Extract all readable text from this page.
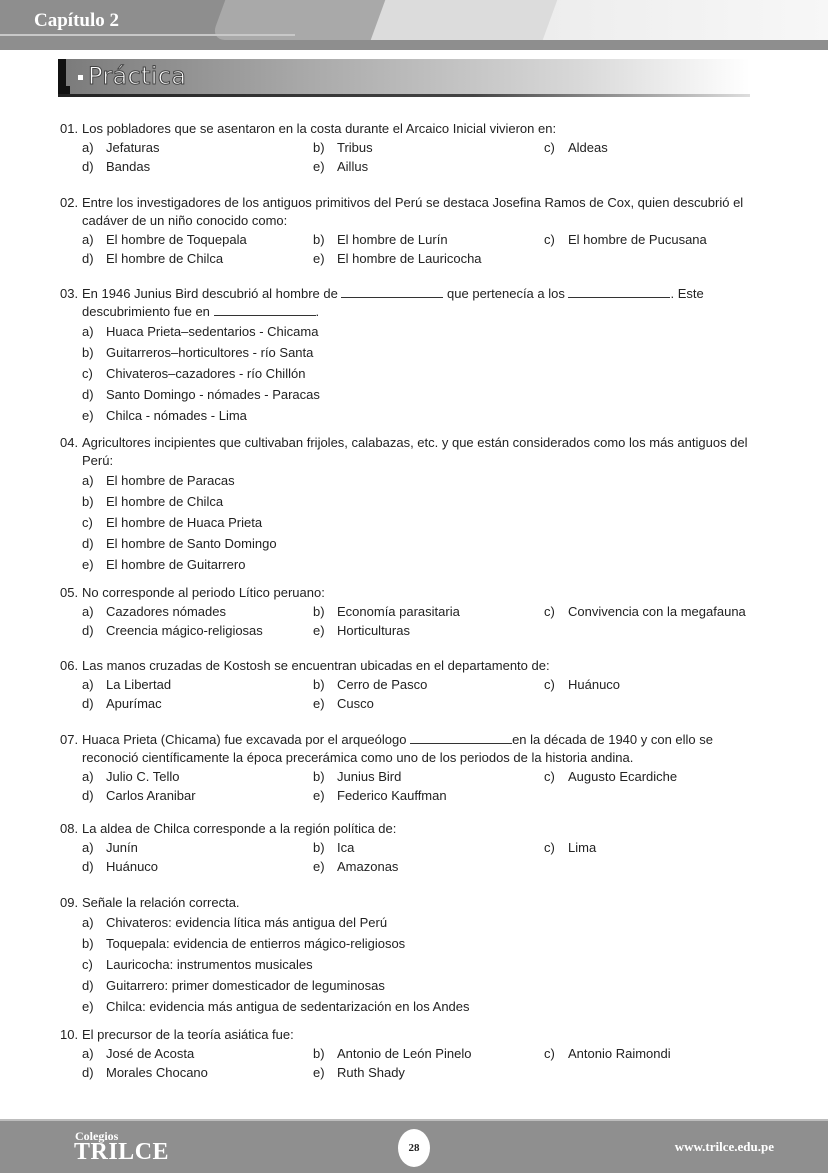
Capítulo 2
Práctica
01. Los pobladores que se asentaron en la costa durante el Arcaico Inicial vivieron en:
a) Jefaturas	b) Tribus	c) Aldeas
d) Bandas	e) Aillus
02. Entre los investigadores de los antiguos primitivos del Perú se destaca Josefina Ramos de Cox, quien descubrió el cadáver de un niño conocido como:
a) El hombre de Toquepala	b) El hombre de Lurín	c) El hombre de Pucusana
d) El hombre de Chilca	e) El hombre de Lauricocha
03. En 1946 Junius Bird descubrió al hombre de	que pertenecía a los	. Este descubrimiento fue en	.
a) Huaca Prieta–sedentarios - Chicama
b) Guitarreros–horticultores - río Santa
c) Chivateros–cazadores - río Chillón
d) Santo Domingo - nómades - Paracas
e) Chilca - nómades - Lima
04. Agricultores incipientes que cultivaban frijoles, calabazas, etc. y que están considerados como los más antiguos del Perú:
a) El hombre de Paracas
b) El hombre de Chilca
c) El hombre de Huaca Prieta
d) El hombre de Santo Domingo
e) El hombre de Guitarrero
05. No corresponde al periodo Lítico peruano:
a) Cazadores nómades	b) Economía parasitaria	c) Convivencia con la megafauna
d) Creencia mágico-religiosas	e) Horticulturas
06. Las manos cruzadas de Kostosh se encuentran ubicadas en el departamento de:
a) La Libertad	b) Cerro de Pasco	c) Huánuco
d) Apurímac	e) Cusco
07. Huaca Prieta (Chicama) fue excavada por el arqueólogo	en la década de 1940 y con ello se reconoció científicamente la época precerámica como uno de los periodos de la historia andina.
a) Julio C. Tello	b) Junius Bird	c) Augusto Ecardiche
d) Carlos Aranibar	e) Federico Kauffman
08. La aldea de Chilca corresponde a la región política de:
a) Junín	b) Ica	c) Lima
d) Huánuco	e) Amazonas
09. Señale la relación correcta.
a) Chivateros: evidencia lítica más antigua del Perú
b) Toquepala: evidencia de entierros mágico-religiosos
c) Lauricocha: instrumentos musicales
d) Guitarrero: primer domesticador de leguminosas
e) Chilca: evidencia más antigua de sedentarización en los Andes
10. El precursor de la teoría asiática fue:
a) José de Acosta	b) Antonio de León Pinelo	c) Antonio Raimondi
d) Morales Chocano	e) Ruth Shady
Colegios
TRILCE	28	www.trilce.edu.pe
